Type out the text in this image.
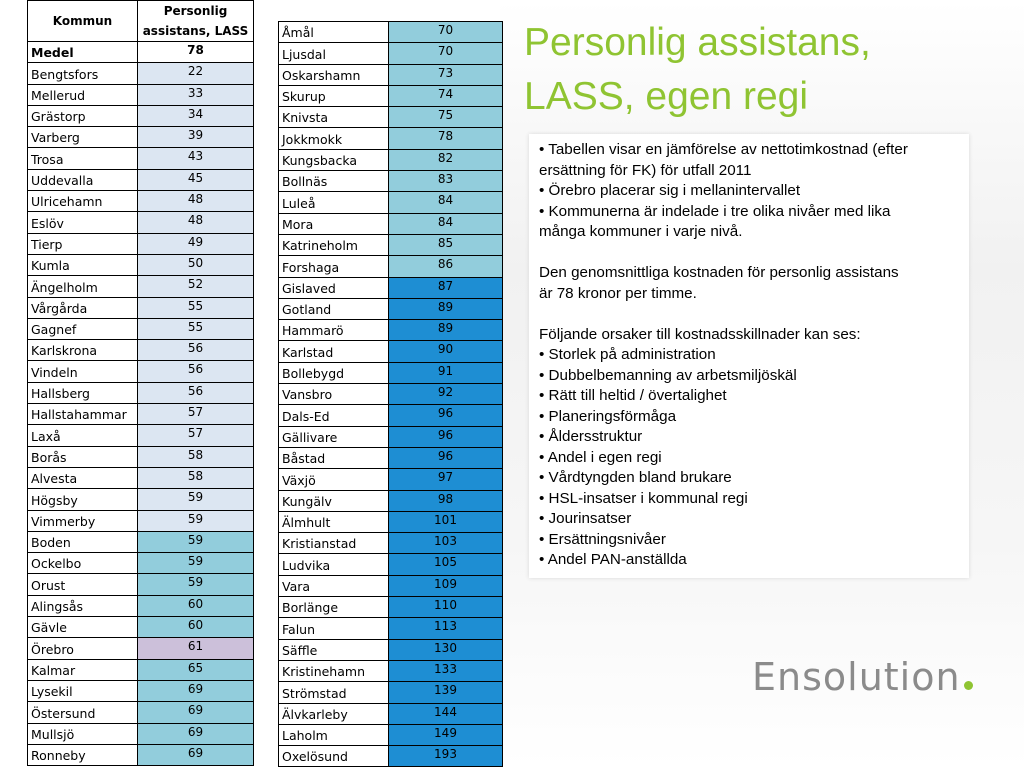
Kommun	Personlig
assistans, LASS
Medel	78
Bengtsfors	22
Mellerud	33
Grästorp	34
Varberg	39
Trosa	43
Uddevalla	45
Ulricehamn	48
Eslöv	48
Tierp	49
Kumla	50
Ängelholm	52
Vårgårda	55
Gagnef	55
Karlskrona	56
Vindeln	56
Hallsberg	56
Hallstahammar	57
Laxå	57
Borås	58
Alvesta	58
Högsby	59
Vimmerby	59
Boden	59
Ockelbo	59
Orust	59
Alingsås	60
Gävle	60
Örebro	61
Kalmar	65
Lysekil	69
Östersund	69
Mullsjö	69
Ronneby	69
Åmål	70
Ljusdal	70
Oskarshamn	73
Skurup	74
Knivsta	75
Jokkmokk	78
Kungsbacka	82
Bollnäs	83
Luleå	84
Mora	84
Katrineholm	85
Forshaga	86
Gislaved	87
Gotland	89
Hammarö	89
Karlstad	90
Bollebygd	91
Vansbro	92
Dals-Ed	96
Gällivare	96
Båstad	96
Växjö	97
Kungälv	98
Älmhult	101
Kristianstad	103
Ludvika	105
Vara	109
Borlänge	110
Falun	113
Säffle	130
Kristinehamn	133
Strömstad	139
Älvkarleby	144
Laholm	149
Oxelösund	193
Personlig assistans,
LASS, egen regi
• Tabellen visar en jämförelse av nettotimkostnad (efter
ersättning för FK) för utfall 2011
• Örebro placerar sig i mellanintervallet
• Kommunerna är indelade i tre olika nivåer med lika
många kommuner i varje nivå.
Den genomsnittliga kostnaden för personlig assistans
är 78 kronor per timme.
Följande orsaker till kostnadsskillnader kan ses:
• Storlek på administration
• Dubbelbemanning av arbetsmiljöskäl
• Rätt till heltid / övertalighet
• Planeringsförmåga
• Åldersstruktur
• Andel i egen regi
• Vårdtyngden bland brukare
• HSL-insatser i kommunal regi
• Jourinsatser
• Ersättningsnivåer
• Andel PAN-anställda
Ensolution
